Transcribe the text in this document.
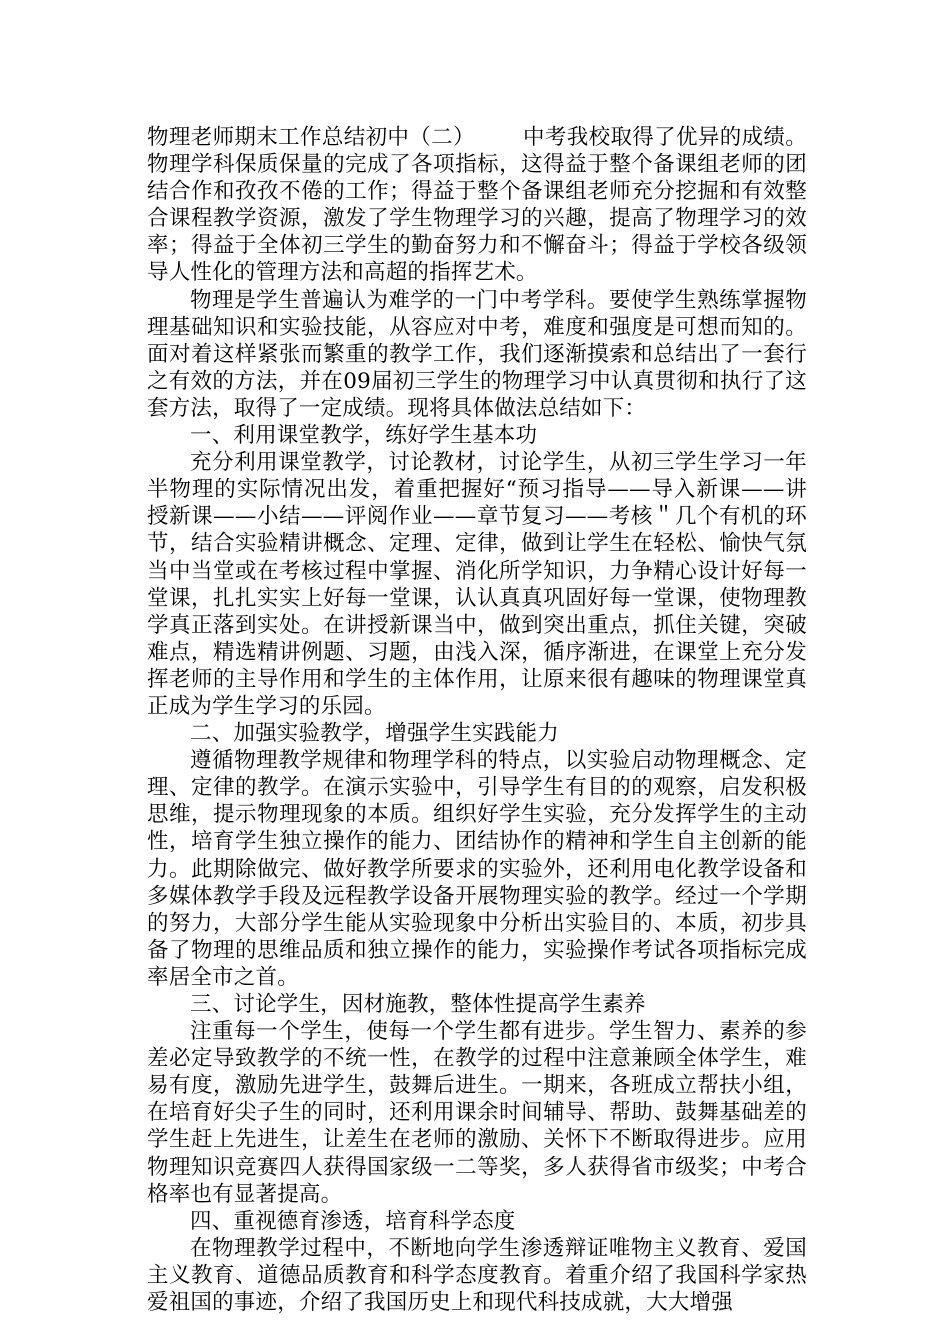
物理老师期末工作总结初中（二） 中考我校取得了优异的成绩。物理学科保质保量的完成了各项指标，这得益于整个备课组老师的团结合作和孜孜不倦的工作；得益于整个备课组老师充分挖掘和有效整合课程教学资源，激发了学生物理学习的兴趣，提高了物理学习的效率；得益于全体初三学生的勤奋努力和不懈奋斗；得益于学校各级领导人性化的管理方法和高超的指挥艺术。

物理是学生普遍认为难学的一门中考学科。要使学生熟练掌握物理基础知识和实验技能，从容应对中考，难度和强度是可想而知的。面对着这样紧张而繁重的教学工作，我们逐渐摸索和总结出了一套行之有效的方法，并在09届初三学生的物理学习中认真贯彻和执行了这套方法，取得了一定成绩。现将具体做法总结如下：

一、利用课堂教学，练好学生基本功

充分利用课堂教学，讨论教材，讨论学生，从初三学生学习一年半物理的实际情况出发，着重把握好“预习指导——导入新课——讲授新课——小结——评阅作业——章节复习——考核＂几个有机的环节，结合实验精讲概念、定理、定律，做到让学生在轻松、愉快气氛当中当堂或在考核过程中掌握、消化所学知识，力争精心设计好每一堂课，扎扎实实上好每一堂课，认认真真巩固好每一堂课，使物理教学真正落到实处。在讲授新课当中，做到突出重点，抓住关键，突破难点，精选精讲例题、习题，由浅入深，循序渐进，在课堂上充分发挥老师的主导作用和学生的主体作用，让原来很有趣味的物理课堂真正成为学生学习的乐园。

二、加强实验教学，增强学生实践能力

遵循物理教学规律和物理学科的特点，以实验启动物理概念、定理、定律的教学。在演示实验中，引导学生有目的的观察，启发积极思维，提示物理现象的本质。组织好学生实验，充分发挥学生的主动性，培育学生独立操作的能力、团结协作的精神和学生自主创新的能力。此期除做完、做好教学所要求的实验外，还利用电化教学设备和多媒体教学手段及远程教学设备开展物理实验的教学。经过一个学期的努力，大部分学生能从实验现象中分析出实验目的、本质，初步具备了物理的思维品质和独立操作的能力，实验操作考试各项指标完成率居全市之首。

三、讨论学生，因材施教，整体性提高学生素养

注重每一个学生，使每一个学生都有进步。学生智力、素养的参差必定导致教学的不统一性，在教学的过程中注意兼顾全体学生，难易有度，激励先进学生，鼓舞后进生。一期来，各班成立帮扶小组，在培育好尖子生的同时，还利用课余时间辅导、帮助、鼓舞基础差的学生赶上先进生，让差生在老师的激励、关怀下不断取得进步。应用物理知识竞赛四人获得国家级一二等奖，多人获得省市级奖；中考合格率也有显著提高。

四、重视德育渗透，培育科学态度

在物理教学过程中，不断地向学生渗透辩证唯物主义教育、爱国主义教育、道德品质教育和科学态度教育。着重介绍了我国科学家热爱祖国的事迹，介绍了我国历史上和现代科技成就，大大增强
